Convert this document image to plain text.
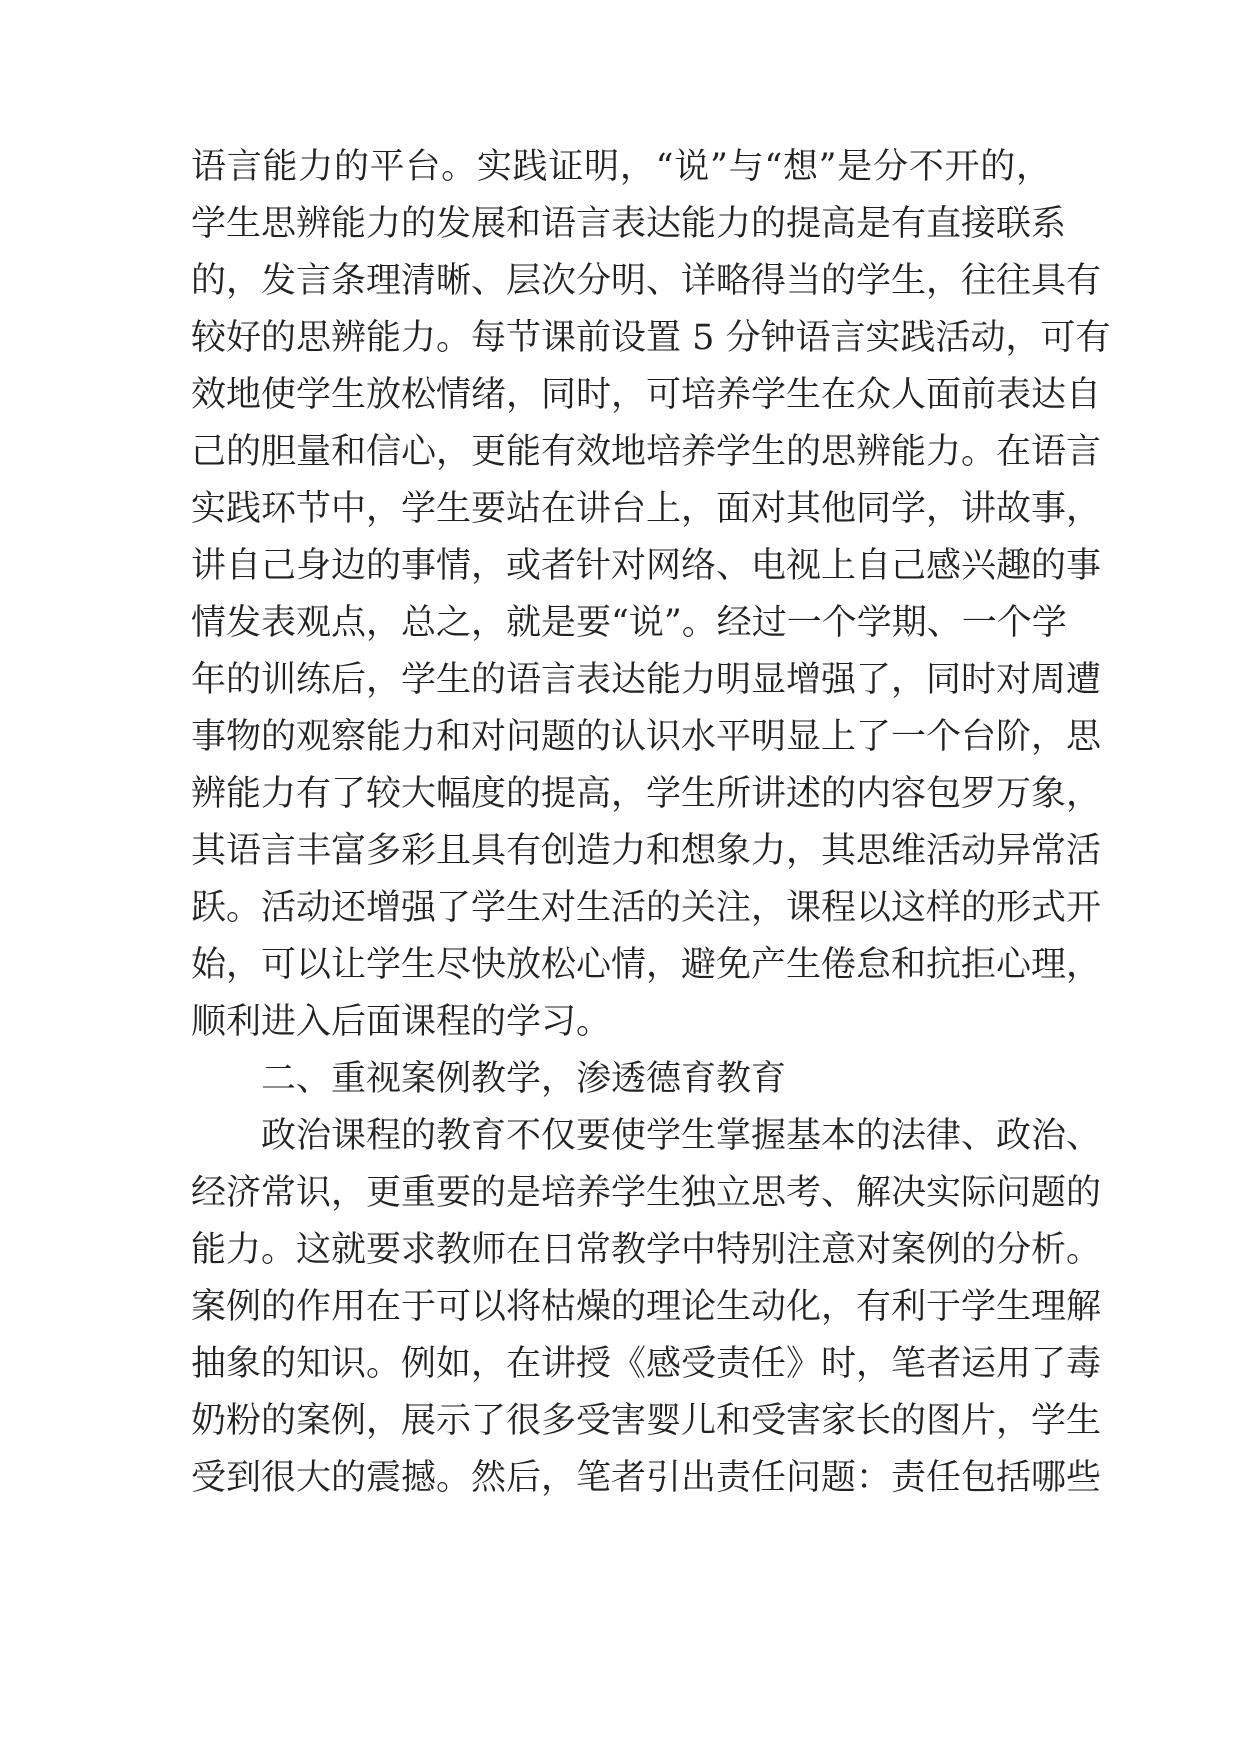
语言能力的平台。实践证明，“说”与“想”是分不开的，
学生思辨能力的发展和语言表达能力的提高是有直接联系
的，发言条理清晰、层次分明、详略得当的学生，往往具有
较好的思辨能力。每节课前设置 5 分钟语言实践活动，可有
效地使学生放松情绪，同时，可培养学生在众人面前表达自
己的胆量和信心，更能有效地培养学生的思辨能力。在语言
实践环节中，学生要站在讲台上，面对其他同学，讲故事，
讲自己身边的事情，或者针对网络、电视上自己感兴趣的事
情发表观点，总之，就是要“说”。经过一个学期、一个学
年的训练后，学生的语言表达能力明显增强了，同时对周遭
事物的观察能力和对问题的认识水平明显上了一个台阶，思
辨能力有了较大幅度的提高，学生所讲述的内容包罗万象，
其语言丰富多彩且具有创造力和想象力，其思维活动异常活
跃。活动还增强了学生对生活的关注，课程以这样的形式开
始，可以让学生尽快放松心情，避免产生倦怠和抗拒心理，
顺利进入后面课程的学习。
二、重视案例教学，渗透德育教育
政治课程的教育不仅要使学生掌握基本的法律、政治、
经济常识，更重要的是培养学生独立思考、解决实际问题的
能力。这就要求教师在日常教学中特别注意对案例的分析。
案例的作用在于可以将枯燥的理论生动化，有利于学生理解
抽象的知识。例如，在讲授《感受责任》时，笔者运用了毒
奶粉的案例，展示了很多受害婴儿和受害家长的图片，学生
受到很大的震撼。然后，笔者引出责任问题：责任包括哪些
